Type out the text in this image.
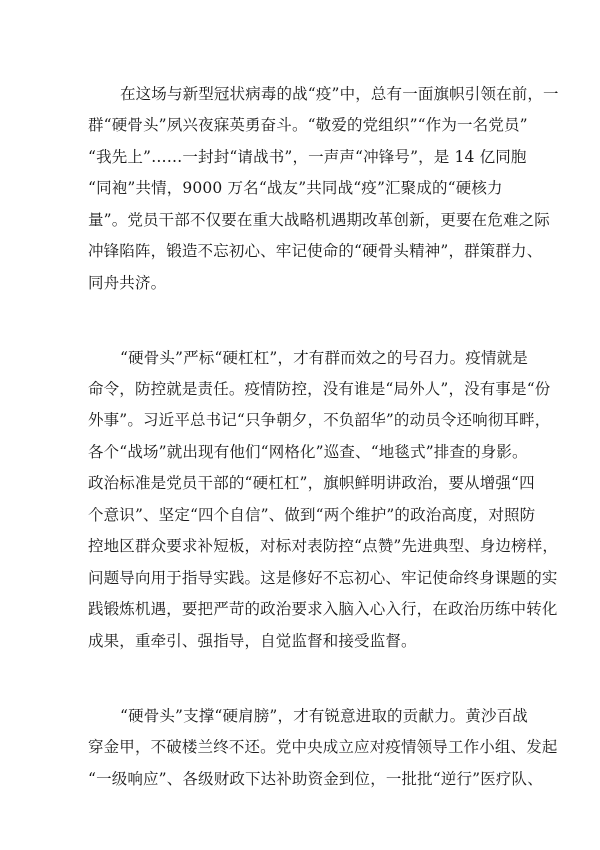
在这场与新型冠状病毒的战“疫”中，总有一面旗帜引领在前，一
群“硬骨头”夙兴夜寐英勇奋斗。“敬爱的党组织”“作为一名党员”
“我先上”……一封封“请战书”，一声声“冲锋号”，是 14 亿同胞
“同袍”共情，9000 万名“战友”共同战“疫”汇聚成的“硬核力
量”。党员干部不仅要在重大战略机遇期改革创新，更要在危难之际
冲锋陷阵，锻造不忘初心、牢记使命的“硬骨头精神”，群策群力、
同舟共济。
“硬骨头”严标“硬杠杠”，才有群而效之的号召力。疫情就是
命令，防控就是责任。疫情防控，没有谁是“局外人”，没有事是“份
外事”。习近平总书记“只争朝夕，不负韶华”的动员令还响彻耳畔，
各个“战场”就出现有他们“网格化”巡查、“地毯式”排查的身影。
政治标准是党员干部的“硬杠杠”，旗帜鲜明讲政治，要从增强“四
个意识”、坚定“四个自信”、做到“两个维护”的政治高度，对照防
控地区群众要求补短板，对标对表防控“点赞”先进典型、身边榜样，
问题导向用于指导实践。这是修好不忘初心、牢记使命终身课题的实
践锻炼机遇，要把严苛的政治要求入脑入心入行，在政治历练中转化
成果，重牵引、强指导，自觉监督和接受监督。
“硬骨头”支撑“硬肩膀”，才有锐意进取的贡献力。黄沙百战
穿金甲，不破楼兰终不还。党中央成立应对疫情领导工作小组、发起
“一级响应”、各级财政下达补助资金到位，一批批“逆行”医疗队、
